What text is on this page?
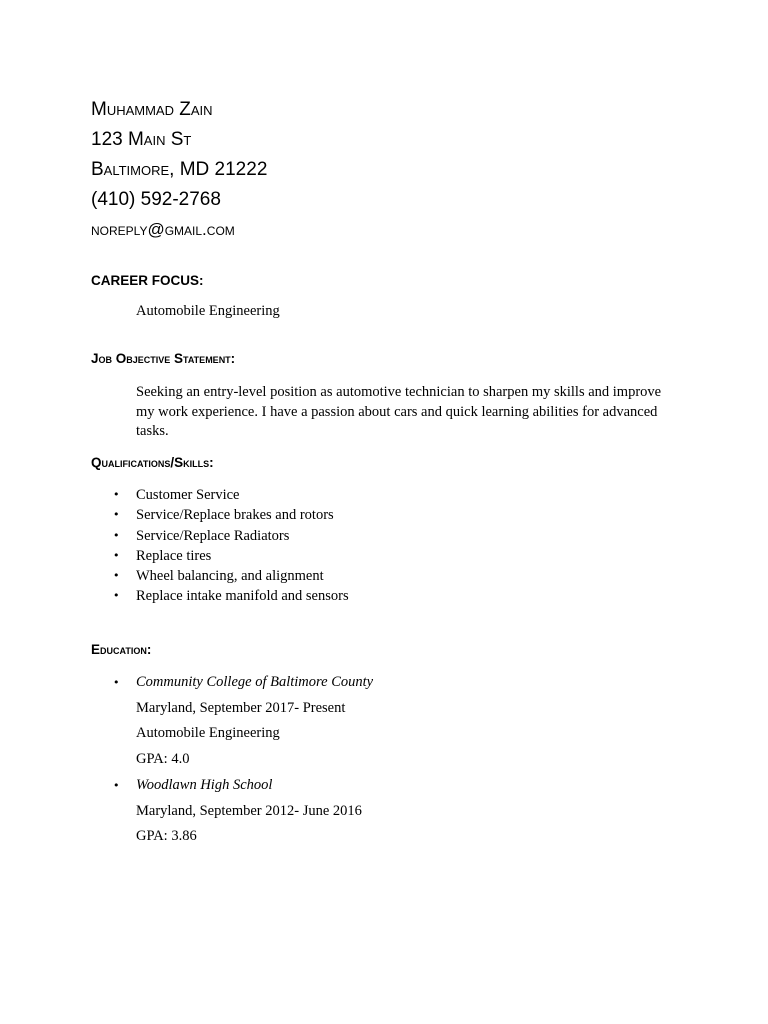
Muhammad Zain

123 Main St

Baltimore, MD 21222

(410) 592-2768

noreply@gmail.com

CAREER FOCUS:

Automobile Engineering

Job Objective Statement:

Seeking an entry-level position as automotive technician to sharpen my skills and improve my work experience. I have a passion about cars and quick learning abilities for advanced tasks.

Qualifications/Skills:

• Customer Service
• Service/Replace brakes and rotors
• Service/Replace Radiators
• Replace tires
• Wheel balancing, and alignment
• Replace intake manifold and sensors

Education:

• Community College of Baltimore County
Maryland, September 2017- Present
Automobile Engineering
GPA: 4.0
• Woodlawn High School
Maryland, September 2012- June 2016
GPA: 3.86
